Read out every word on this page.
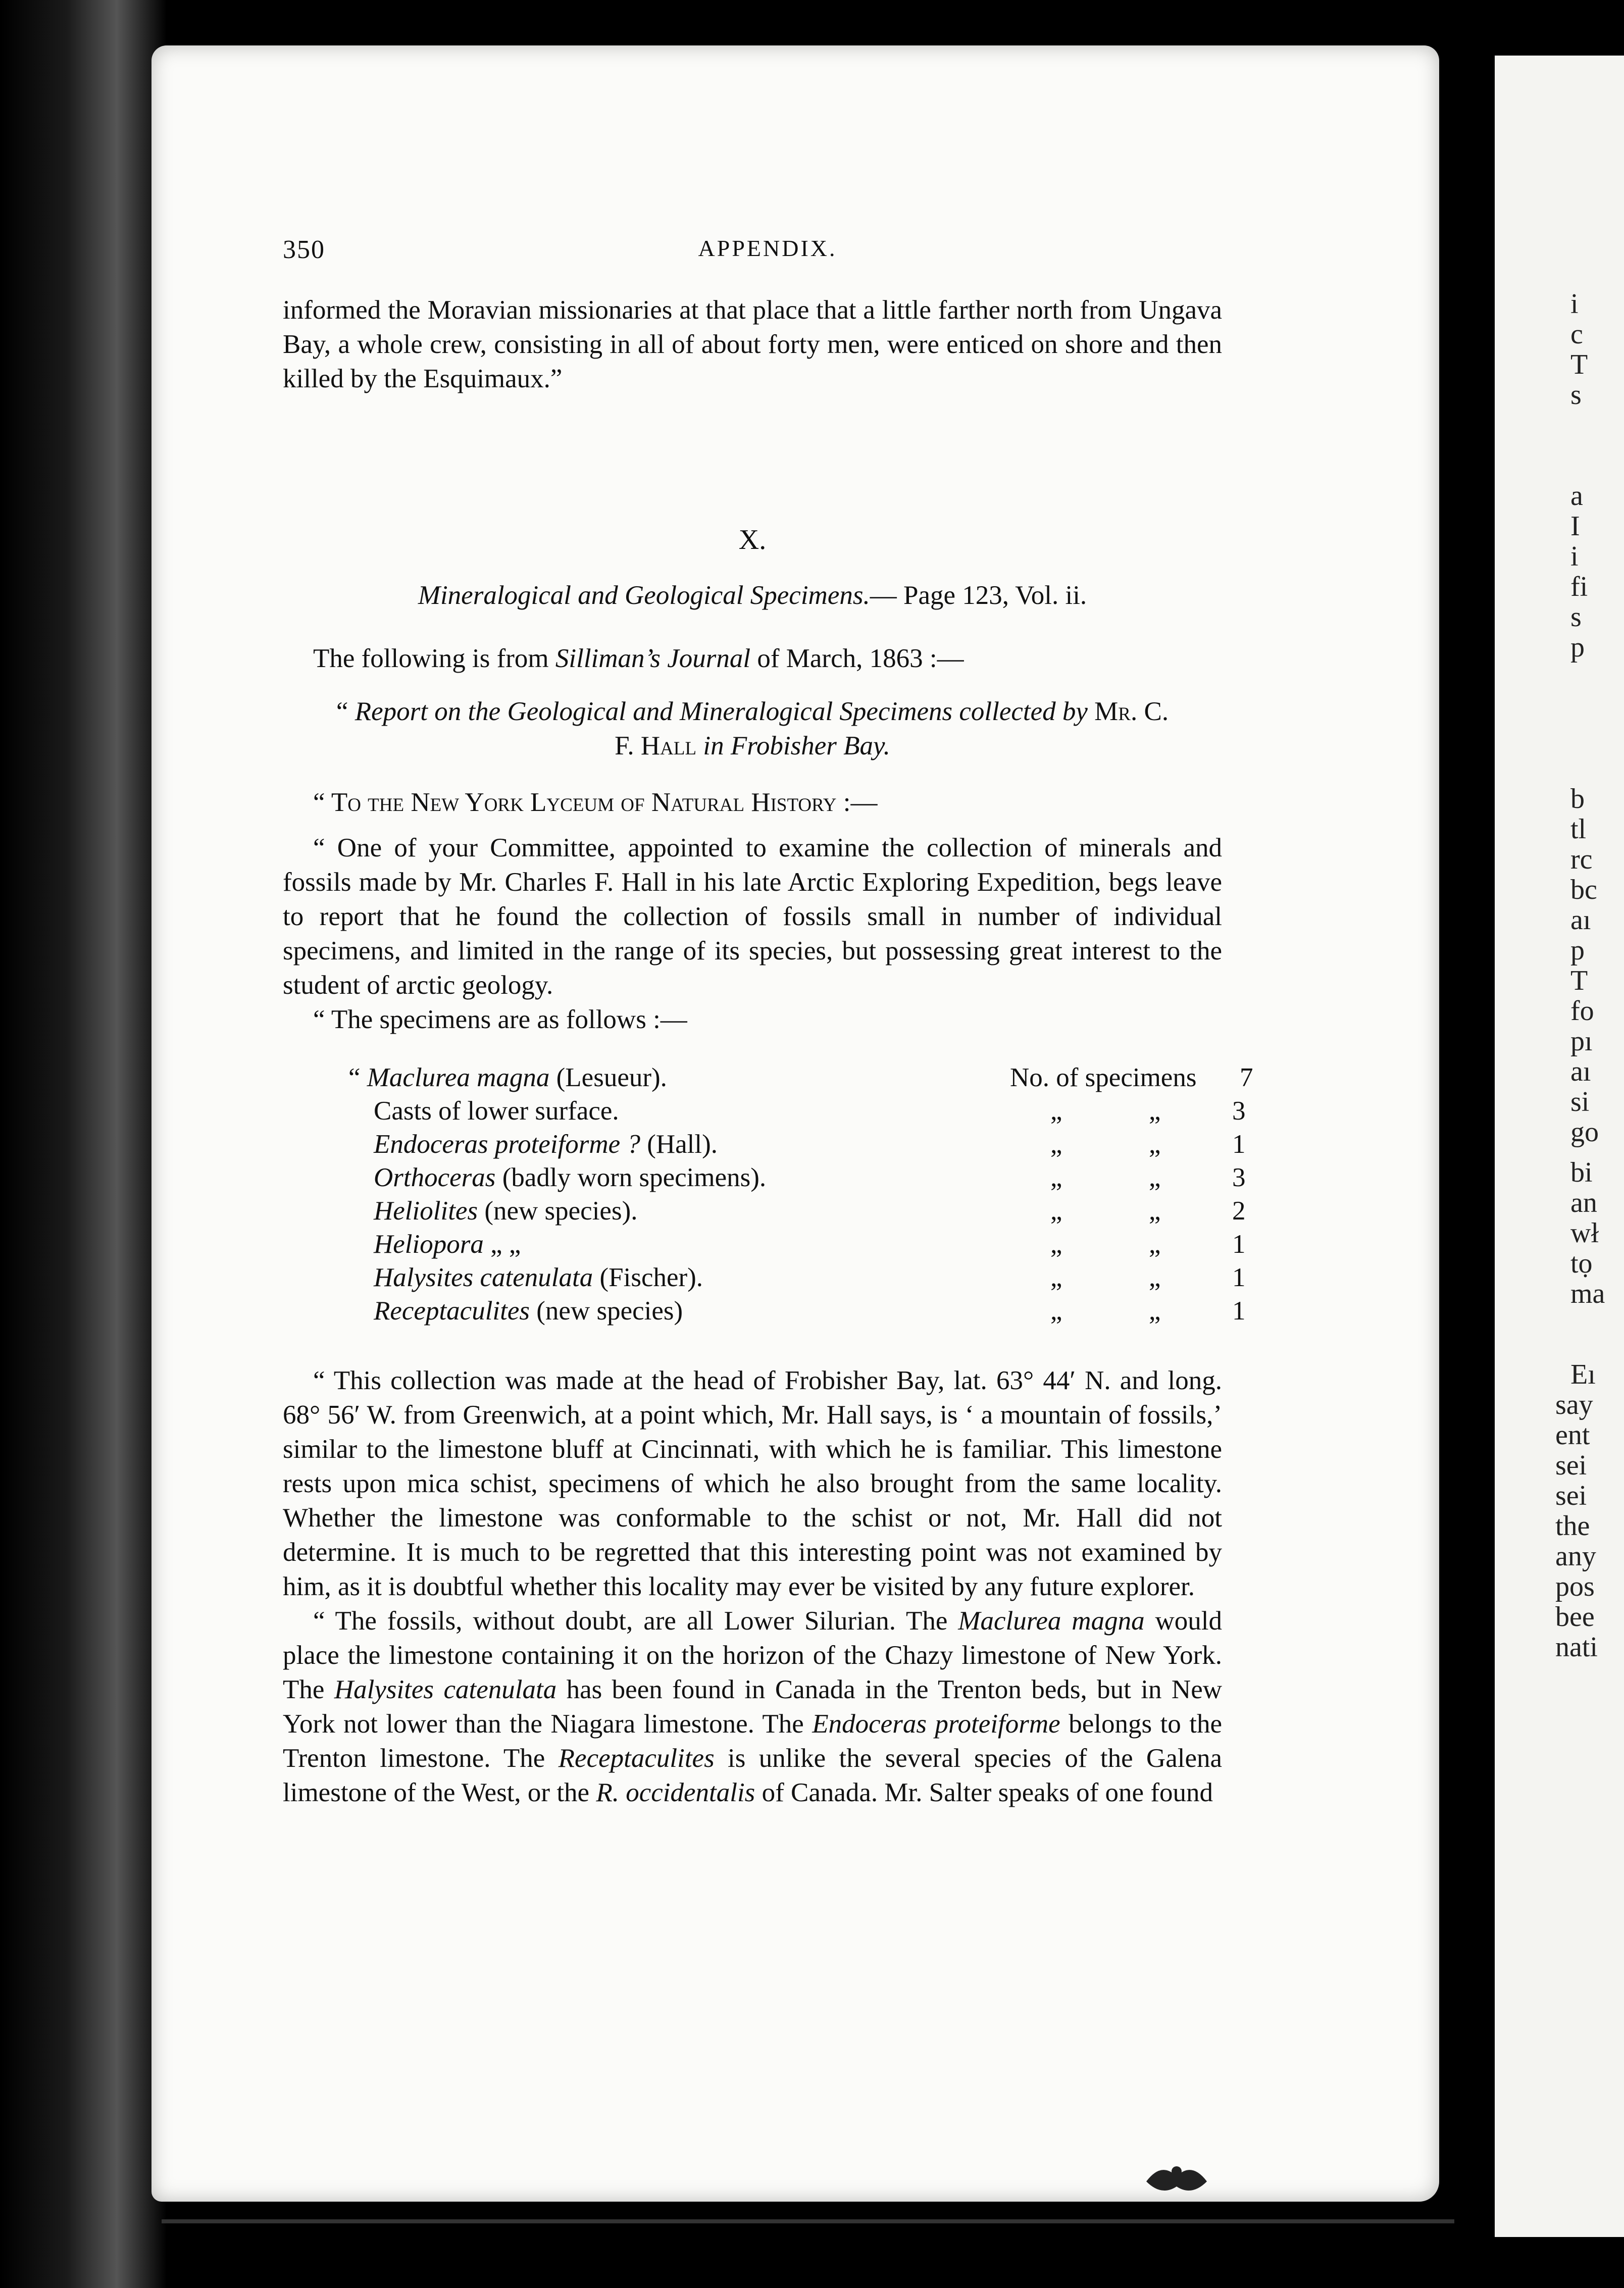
i
c
T
s
a
I
i
fi
s
p
b
tl
rc
bc
aı
p
T
fo
pı
aı
si
go
bi
an
wł
tọ
ma
Eı
say
ent
sei
sei
the
any
pos
bee
nati
350	APPENDIX.

informed the Moravian missionaries at that place that a little farther north from Ungava Bay, a whole crew, consisting in all of about forty men, were enticed on shore and then killed by the Esquimaux.”

X.
Mineralogical and Geological Specimens.— Page 123, Vol. ii.

The following is from Silliman’s Journal of March, 1863 :—

“ Report on the Geological and Mineralogical Specimens collected by Mr. C.
F. Hall in Frobisher Bay.

“ To the New York Lyceum of Natural History :—

“ One of your Committee, appointed to examine the collection of minerals and fossils made by Mr. Charles F. Hall in his late Arctic Exploring Expedition, begs leave to report that he found the collection of fossils small in number of individual specimens, and limited in the range of its species, but possessing great interest to the student of arctic geology.

“ The specimens are as follows :—

“ Maclurea magna (Lesueur).	No. of specimens 7
Casts of lower surface.	„	„	3
Endoceras proteiforme ? (Hall).	„	„	1
Orthoceras (badly worn specimens).	„	„	3
Heliolites (new species).	„	„	2
Heliopora „ „	„	„	1
Halysites catenulata (Fischer).	„	„	1
Receptaculites (new species)	„	„	1

“ This collection was made at the head of Frobisher Bay, lat. 63° 44′ N. and long. 68° 56′ W. from Greenwich, at a point which, Mr. Hall says, is ‘ a mountain of fossils,’ similar to the limestone bluff at Cincinnati, with which he is familiar. This limestone rests upon mica schist, specimens of which he also brought from the same locality. Whether the limestone was conformable to the schist or not, Mr. Hall did not determine. It is much to be regretted that this interesting point was not examined by him, as it is doubtful whether this locality may ever be visited by any future explorer.

“ The fossils, without doubt, are all Lower Silurian. The Maclurea magna would place the limestone containing it on the horizon of the Chazy limestone of New York. The Halysites catenulata has been found in Canada in the Trenton beds, but in New York not lower than the Niagara limestone. The Endoceras proteiforme belongs to the Trenton limestone. The Receptaculites is unlike the several species of the Galena limestone of the West, or the R. occidentalis of Canada. Mr. Salter speaks of one found
